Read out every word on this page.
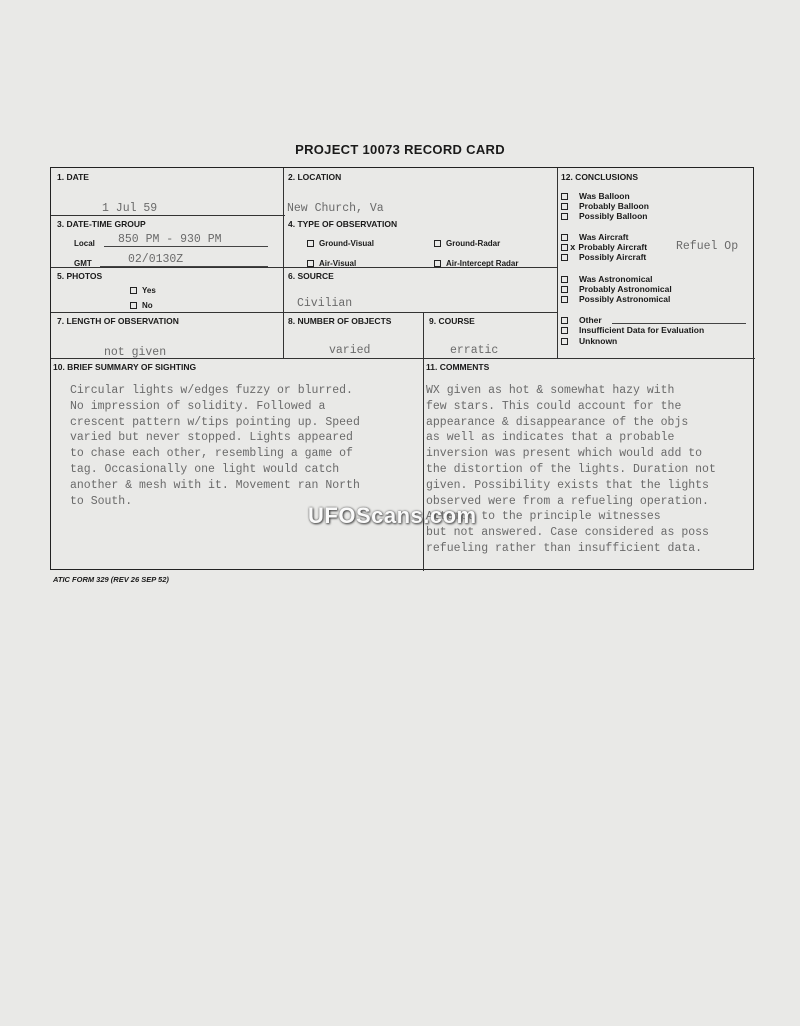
PROJECT 10073 RECORD CARD
1. DATE
1 Jul 59
2. LOCATION
New Church, Va
3. DATE-TIME GROUP
Local 850 PM - 930 PM
GMT	02/0130Z
4. TYPE OF OBSERVATION
Ground-Visual	Ground-Radar
Air-Visual	Air-Intercept Radar
5. PHOTOS
Yes
No
6. SOURCE
Civilian
7. LENGTH OF OBSERVATION
not given
8. NUMBER OF OBJECTS
varied
9. COURSE
erratic
12. CONCLUSIONS
Was Balloon
Probably Balloon
Possibly Balloon
Was Aircraft
x Probably Aircraft	Refuel Op
Possibly Aircraft
Was Astronomical
Probably Astronomical
Possibly Astronomical
Other
Insufficient Data for Evaluation
Unknown
10. BRIEF SUMMARY OF SIGHTING
Circular lights w/edges fuzzy or blurred.
No impression of solidity. Followed a
crescent pattern w/tips pointing up. Speed
varied but never stopped. Lights appeared
to chase each other, resembling a game of
tag. Occasionally one light would catch
another & mesh with it. Movement ran North
to South.
11. COMMENTS
WX given as hot & somewhat hazy with
few stars. This could account for the
appearance & disappearance of the objs
as well as indicates that a probable
inversion was present which would add to
the distortion of the lights. Duration not
given. Possibility exists that the lights
observed were from a refueling operation.
Attempt to the principle witnesses
but not answered. Case considered as poss
refueling rather than insufficient data.
UFOScans.com
ATIC FORM 329 (REV 26 SEP 52)
